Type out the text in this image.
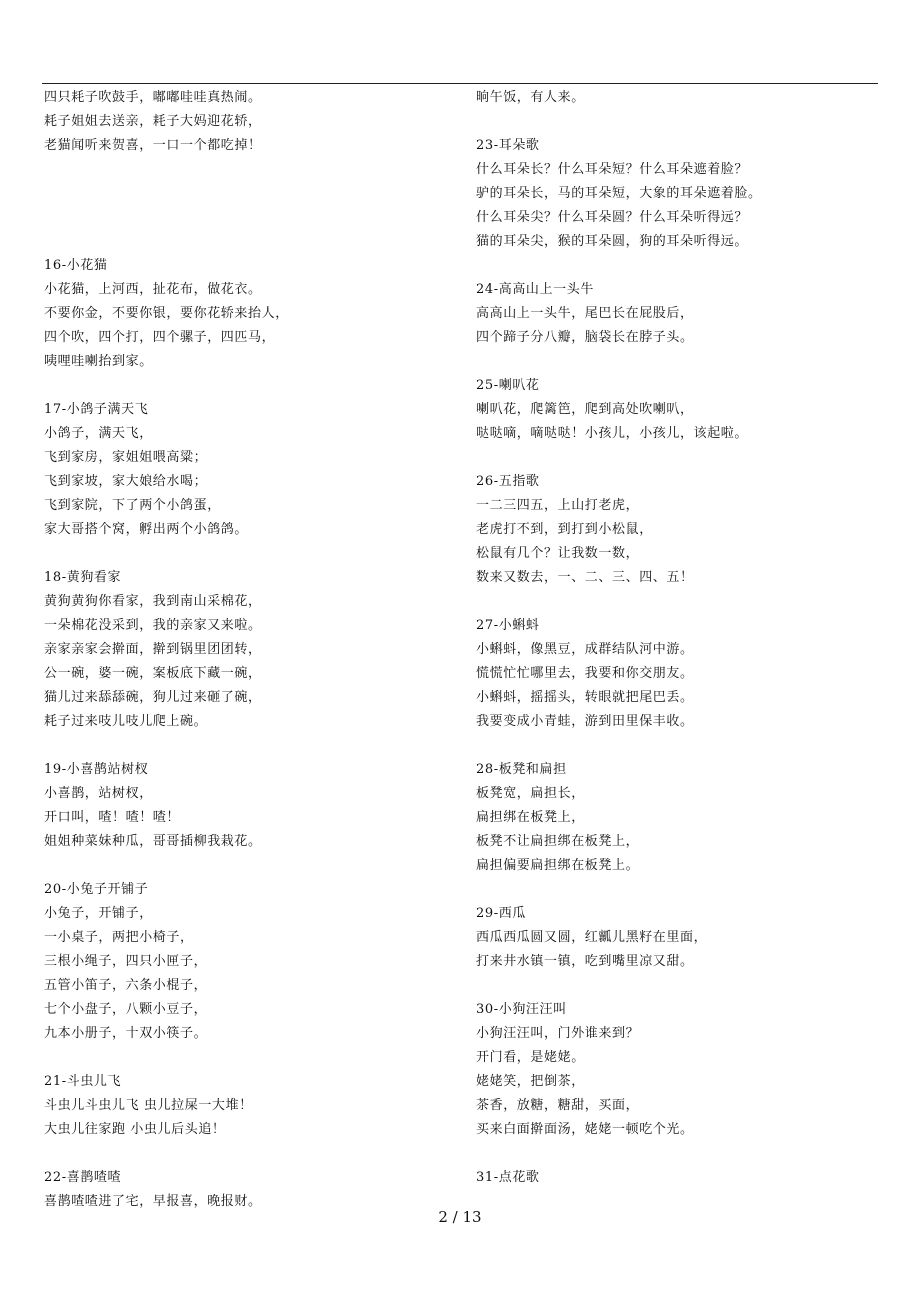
四只耗子吹鼓手，嘟嘟哇哇真热闹。
耗子姐姐去送亲，耗子大妈迎花轿，
老猫闻听来贺喜，一口一个都吃掉！
16-小花猫
小花猫，上河西，扯花布，做花衣。
不要你金，不要你银，要你花轿来抬人，
四个吹，四个打，四个骡子，四匹马，
咦哩哇喇抬到家。
17-小鸽子满天飞
小鸽子，满天飞，
飞到家房，家姐姐喂高粱；
飞到家坡，家大娘给水喝；
飞到家院，下了两个小鸽蛋，
家大哥搭个窝，孵出两个小鸽鸽。
18-黄狗看家
黄狗黄狗你看家，我到南山采棉花，
一朵棉花没采到，我的亲家又来啦。
亲家亲家会擀面，擀到锅里团团转，
公一碗，婆一碗，案板底下藏一碗，
猫儿过来舔舔碗，狗儿过来砸了碗，
耗子过来吱儿吱儿爬上碗。
19-小喜鹊站树杈
小喜鹊，站树杈，
开口叫，喳！喳！喳！
姐姐种菜妹种瓜，哥哥插柳我栽花。
20-小兔子开铺子
小兔子，开铺子，
一小桌子，两把小椅子，
三根小绳子，四只小匣子，
五管小笛子，六条小棍子，
七个小盘子，八颗小豆子，
九本小册子，十双小筷子。
21-斗虫儿飞
斗虫儿斗虫儿飞 虫儿拉屎一大堆！
大虫儿往家跑 小虫儿后头追！
22-喜鹊喳喳
喜鹊喳喳进了宅，早报喜，晚报财。
晌午饭，有人来。
23-耳朵歌
什么耳朵长？什么耳朵短？什么耳朵遮着脸？
驴的耳朵长，马的耳朵短，大象的耳朵遮着脸。
什么耳朵尖？什么耳朵圆？什么耳朵听得远？
猫的耳朵尖，猴的耳朵圆，狗的耳朵听得远。
24-高高山上一头牛
高高山上一头牛，尾巴长在屁股后，
四个蹄子分八瓣，脑袋长在脖子头。
25-喇叭花
喇叭花，爬篱笆，爬到高处吹喇叭，
哒哒嘀，嘀哒哒！小孩儿，小孩儿，该起啦。
26-五指歌
一二三四五，上山打老虎，
老虎打不到，到打到小松鼠，
松鼠有几个？让我数一数，
数来又数去，一、二、三、四、五！
27-小蝌蚪
小蝌蚪，像黑豆，成群结队河中游。
慌慌忙忙哪里去，我要和你交朋友。
小蝌蚪，摇摇头，转眼就把尾巴丢。
我要变成小青蛙，游到田里保丰收。
28-板凳和扁担
板凳宽，扁担长，
扁担绑在板凳上，
板凳不让扁担绑在板凳上，
扁担偏要扁担绑在板凳上。
29-西瓜
西瓜西瓜圆又圆，红瓤儿黑籽在里面，
打来井水镇一镇，吃到嘴里凉又甜。
30-小狗汪汪叫
小狗汪汪叫，门外谁来到？
开门看，是姥姥。
姥姥笑，把倒茶，
茶香，放糖，糖甜，买面，
买来白面擀面汤，姥姥一顿吃个光。
31-点花歌
2 / 13
